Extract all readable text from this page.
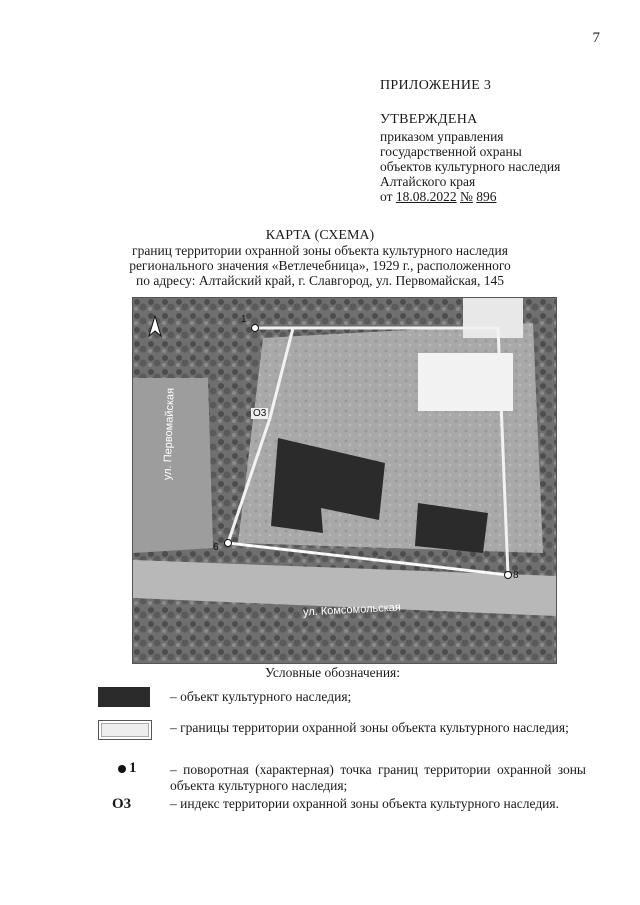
7
ПРИЛОЖЕНИЕ 3
УТВЕРЖДЕНА
приказом управления
государственной охраны
объектов культурного наследия
Алтайского края
от 18.08.2022 № 896
КАРТА (СХЕМА)
границ территории охранной зоны объекта культурного наследия
регионального значения «Ветлечебница», 1929 г., расположенного
по адресу: Алтайский край, г. Славгород, ул. Первомайская, 145
1
6
8
О3
ул. Первомайская
ул. Комсомольская
Условные обозначения:
– объект культурного наследия;
– границы территории охранной зоны объекта культурного наследия;
1 – поворотная (характерная) точка границ территории охранной зоны объекта культурного наследия;
О3	– индекс территории охранной зоны объекта культурного наследия.
